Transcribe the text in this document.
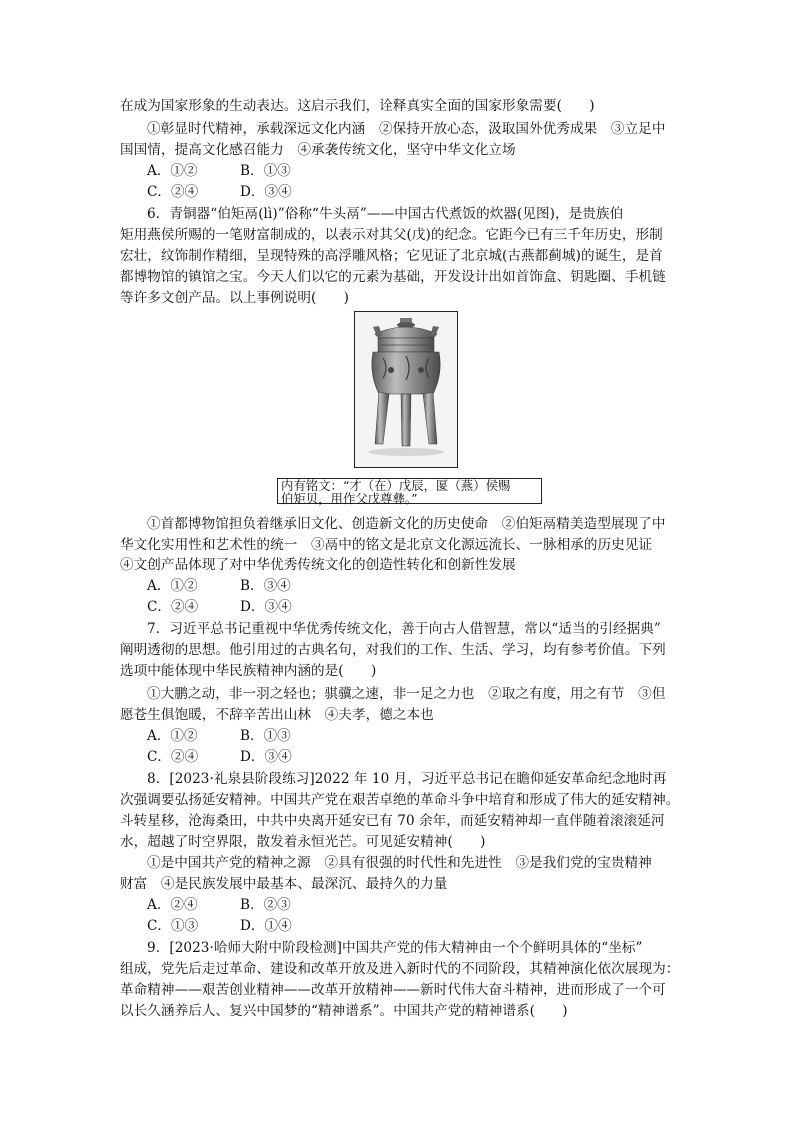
在成为国家形象的生动表达。这启示我们，诠释真实全面的国家形象需要(　　)
①彰显时代精神，承载深远文化内涵　②保持开放心态，汲取国外优秀成果　③立足中
国国情，提高文化感召能力　④承袭传统文化，坚守中华文化立场
A．①②	B．①③
C．②④	D．③④
6．青铜器“伯矩鬲(lì)”俗称“牛头鬲”——中国古代煮饭的炊器(见图)，是贵族伯
矩用燕侯所赐的一笔财富制成的，以表示对其父(戊)的纪念。它距今已有三千年历史，形制
宏壮，纹饰制作精细，呈现特殊的高浮雕风格；它见证了北京城(古燕都蓟城)的诞生，是首
都博物馆的镇馆之宝。今天人们以它的元素为基础，开发设计出如首饰盒、钥匙圈、手机链
等许多文创产品。以上事例说明(　　)
内有铭文：“才（在）戊辰，匽（燕）侯赐
伯矩贝，用作父戊尊彝。”
①首都博物馆担负着继承旧文化、创造新文化的历史使命　②伯矩鬲精美造型展现了中
华文化实用性和艺术性的统一　③鬲中的铭文是北京文化源远流长、一脉相承的历史见证
④文创产品体现了对中华优秀传统文化的创造性转化和创新性发展
A．①②	B．③④
C．②④	D．③④
7．习近平总书记重视中华优秀传统文化，善于向古人借智慧，常以“适当的引经据典”
阐明透彻的思想。他引用过的古典名句，对我们的工作、生活、学习，均有参考价值。下列
选项中能体现中华民族精神内涵的是(　　)
①大鹏之动，非一羽之轻也；骐骥之速，非一足之力也　②取之有度，用之有节　③但
愿苍生俱饱暖，不辞辛苦出山林　④夫孝，德之本也
A．①②	B．①③
C．②④	D．③④
8．[2023·礼泉县阶段练习]2022 年 10 月，习近平总书记在瞻仰延安革命纪念地时再
次强调要弘扬延安精神。中国共产党在艰苦卓绝的革命斗争中培育和形成了伟大的延安精神。
斗转星移，沧海桑田，中共中央离开延安已有 70 余年，而延安精神却一直伴随着滚滚延河
水，超越了时空界限，散发着永恒光芒。可见延安精神(　　)
①是中国共产党的精神之源　②具有很强的时代性和先进性　③是我们党的宝贵精神
财富　④是民族发展中最基本、最深沉、最持久的力量
A．②④	B．②③
C．①③	D．①④
9．[2023·哈师大附中阶段检测]中国共产党的伟大精神由一个个鲜明具体的“坐标”
组成，党先后走过革命、建设和改革开放及进入新时代的不同阶段，其精神演化依次展现为：
革命精神——艰苦创业精神——改革开放精神——新时代伟大奋斗精神，进而形成了一个可
以长久涵养后人、复兴中国梦的“精神谱系”。中国共产党的精神谱系(　　)
